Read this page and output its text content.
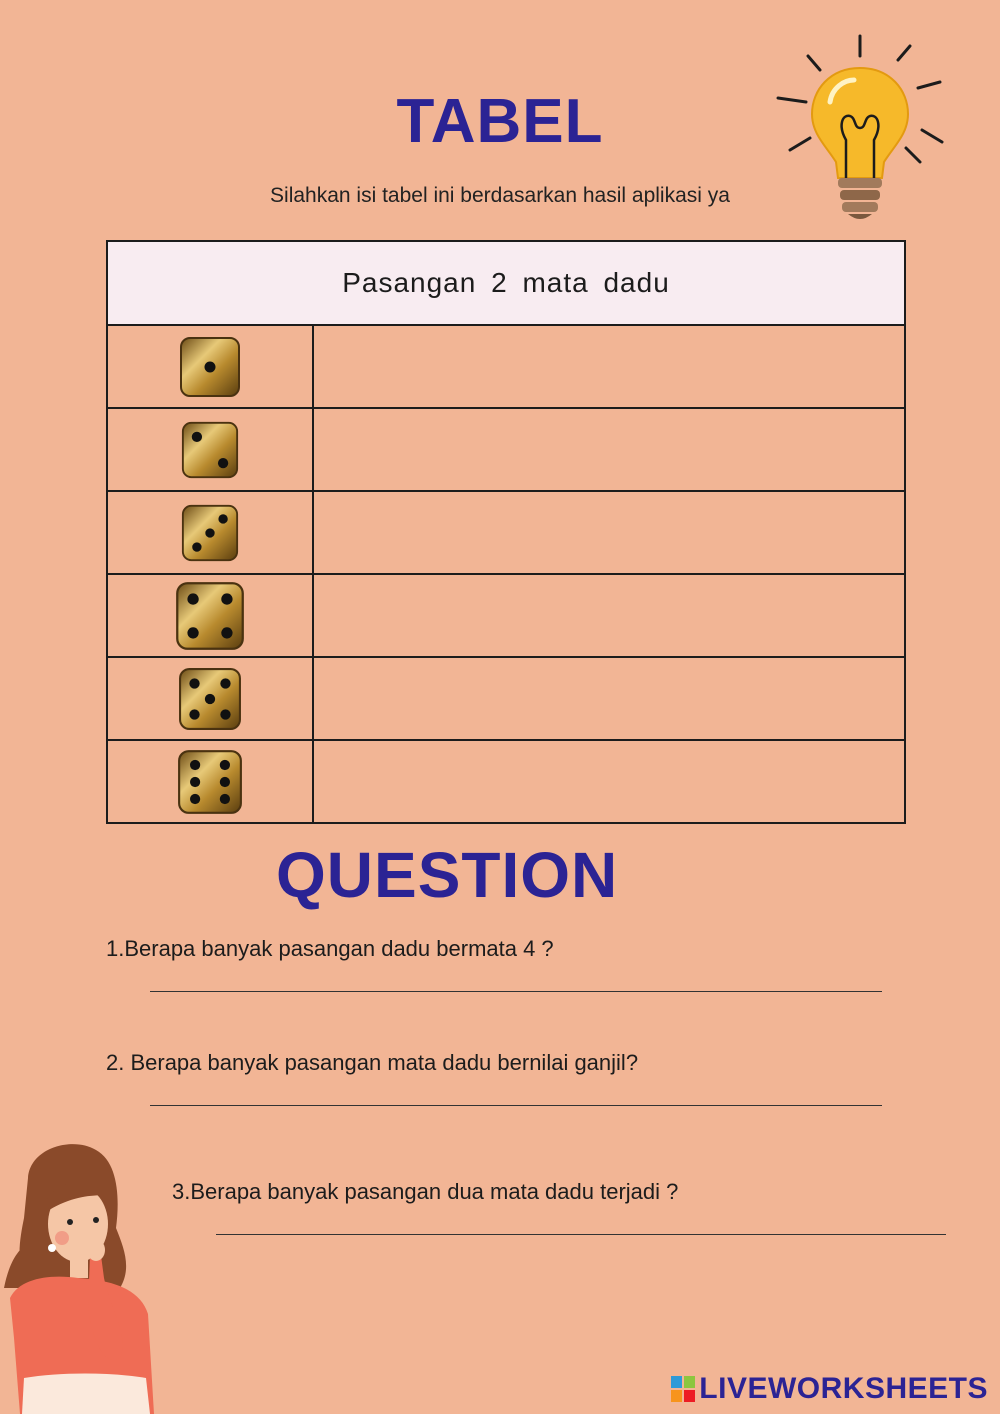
TABEL

Silahkan isi tabel ini berdasarkan hasil aplikasi ya

Pasangan 2 mata dadu	

QUESTION

1.Berapa banyak pasangan dadu bermata 4 ?

2. Berapa banyak pasangan mata dadu bernilai ganjil?

3.Berapa banyak pasangan dua mata dadu terjadi ?

LIVEWORKSHEETS
